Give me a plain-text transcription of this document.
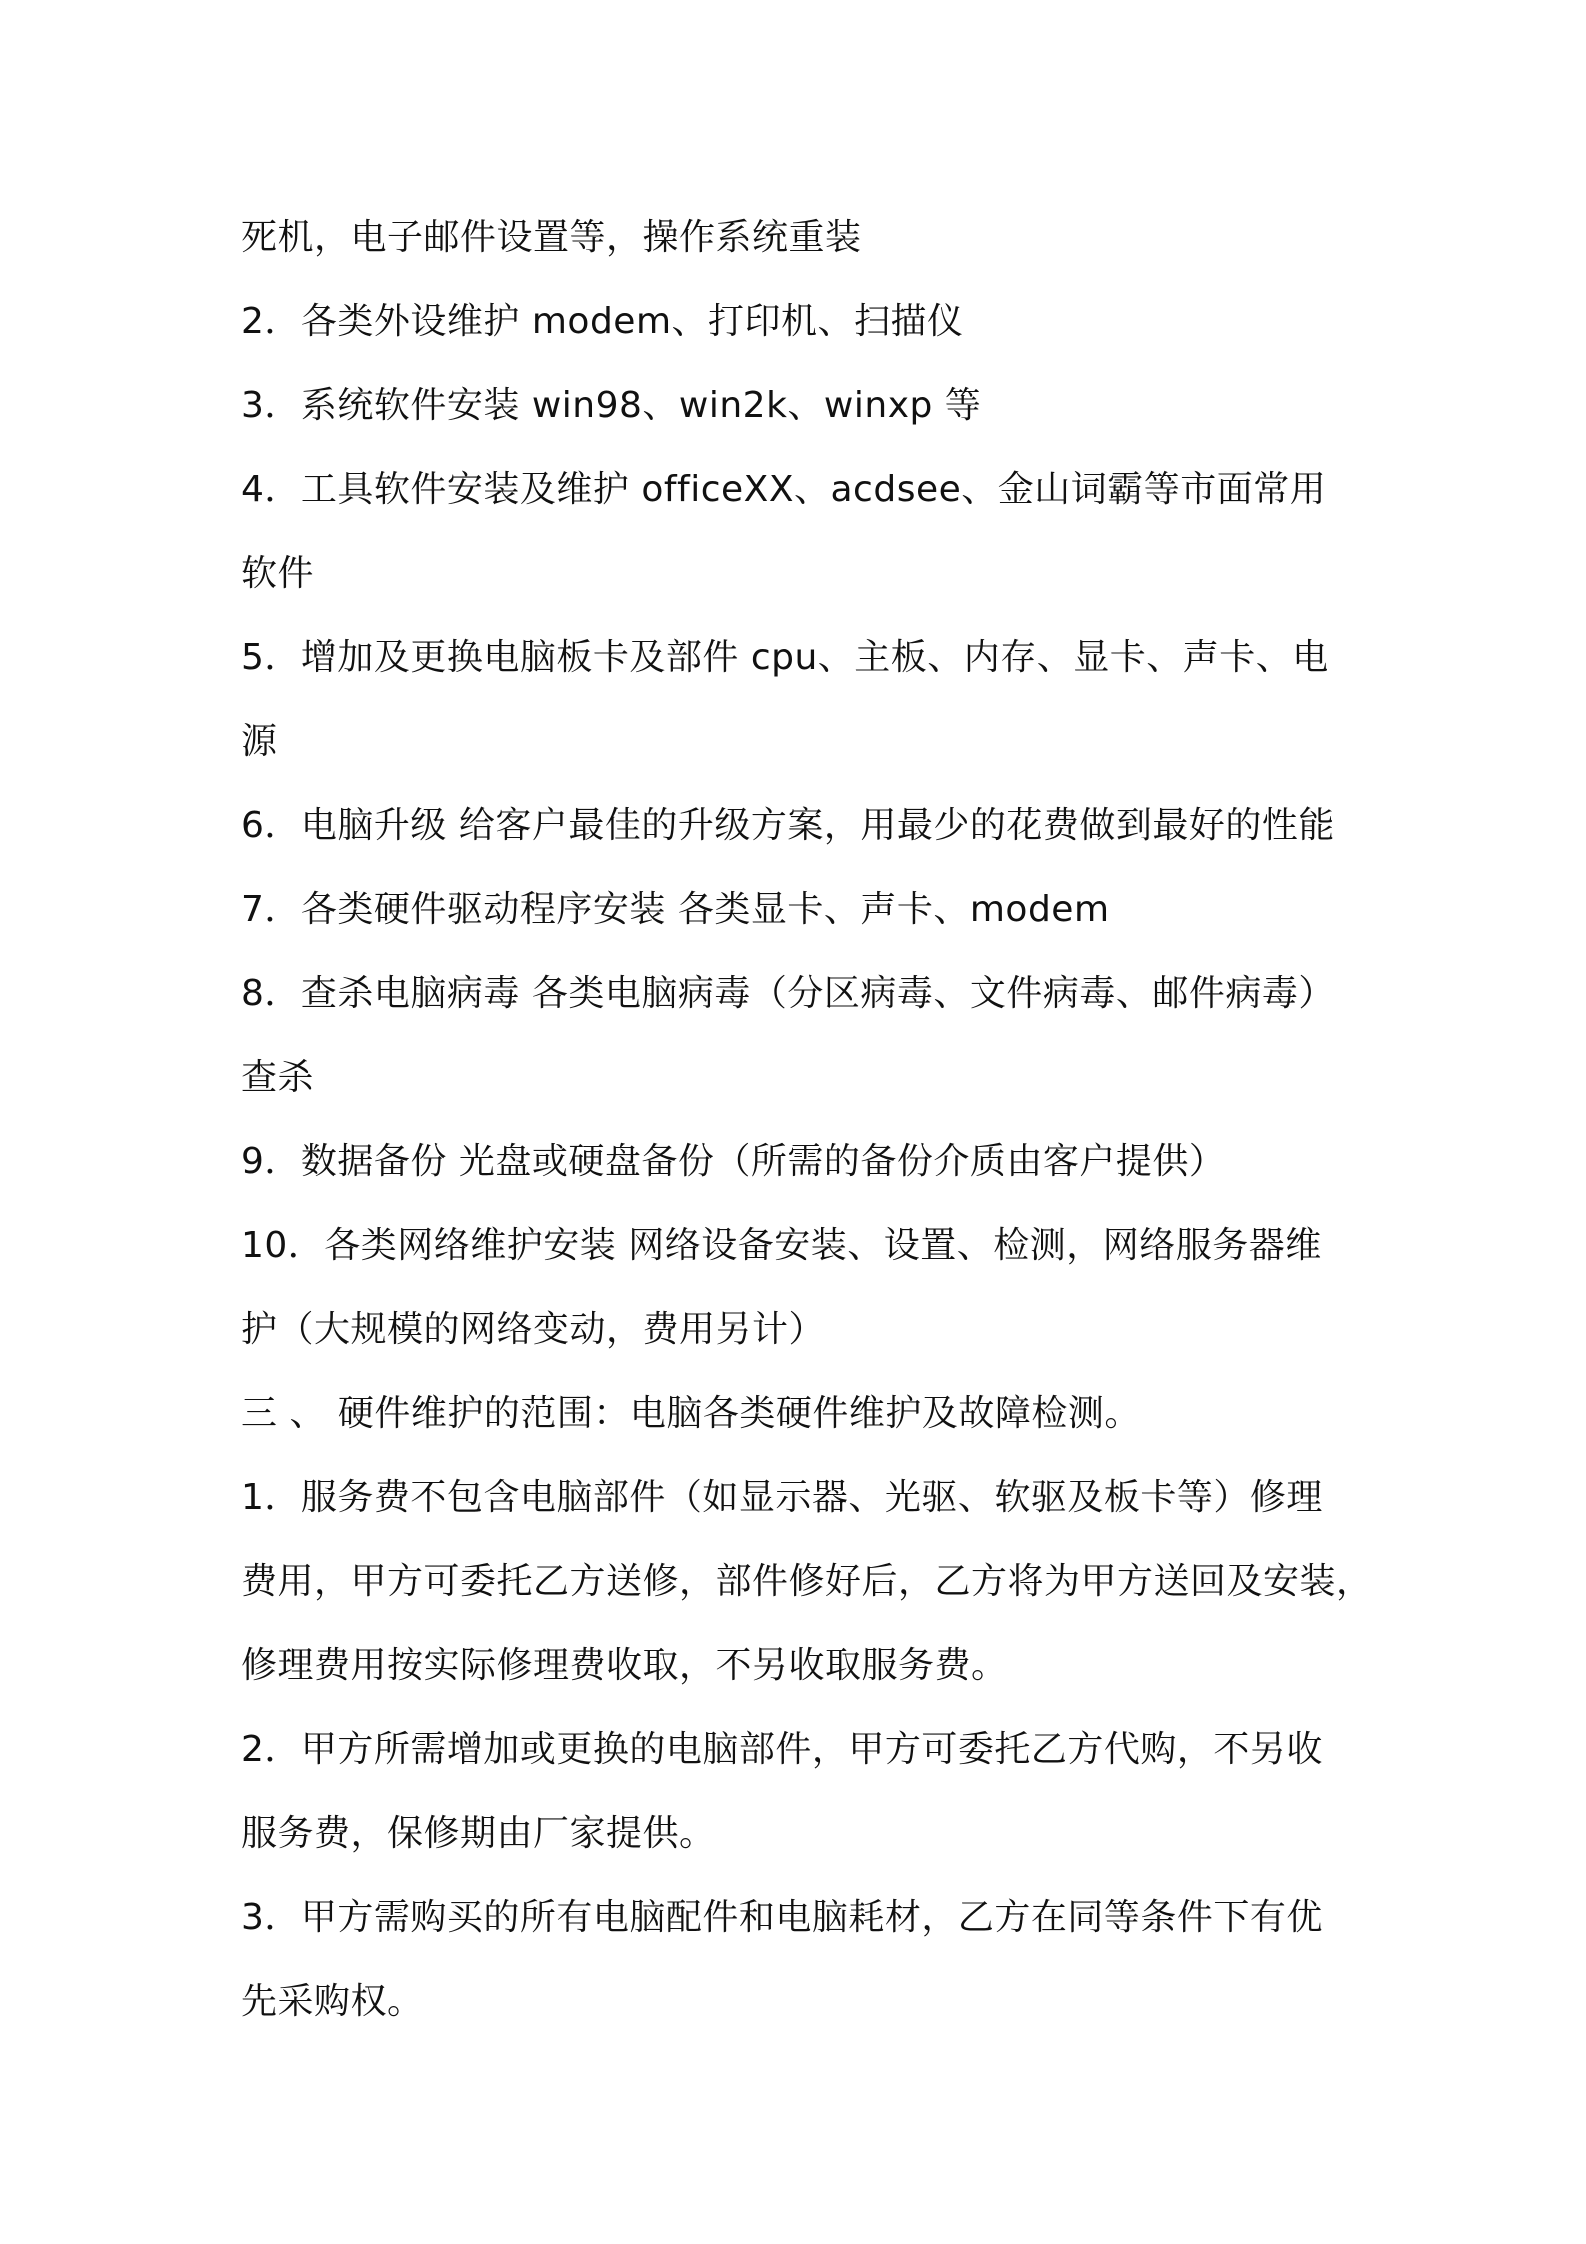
死机，电子邮件设置等，操作系统重装
2．各类外设维护 modem、打印机、扫描仪
3．系统软件安装 win98、win2k、winxp 等
4．工具软件安装及维护 officeXX、acdsee、金山词霸等市面常用
软件
5．增加及更换电脑板卡及部件 cpu、主板、内存、显卡、声卡、电
源
6．电脑升级 给客户最佳的升级方案，用最少的花费做到最好的性能
7．各类硬件驱动程序安装 各类显卡、声卡、modem
8．查杀电脑病毒 各类电脑病毒（分区病毒、文件病毒、邮件病毒）
查杀
9．数据备份 光盘或硬盘备份（所需的备份介质由客户提供）
10．各类网络维护安装 网络设备安装、设置、检测，网络服务器维
护（大规模的网络变动，费用另计）
三 、 硬件维护的范围：电脑各类硬件维护及故障检测。
1．服务费不包含电脑部件（如显示器、光驱、软驱及板卡等）修理
费用，甲方可委托乙方送修，部件修好后，乙方将为甲方送回及安装，
修理费用按实际修理费收取，不另收取服务费。
2．甲方所需增加或更换的电脑部件，甲方可委托乙方代购，不另收
服务费，保修期由厂家提供。
3．甲方需购买的所有电脑配件和电脑耗材，乙方在同等条件下有优
先采购权。
